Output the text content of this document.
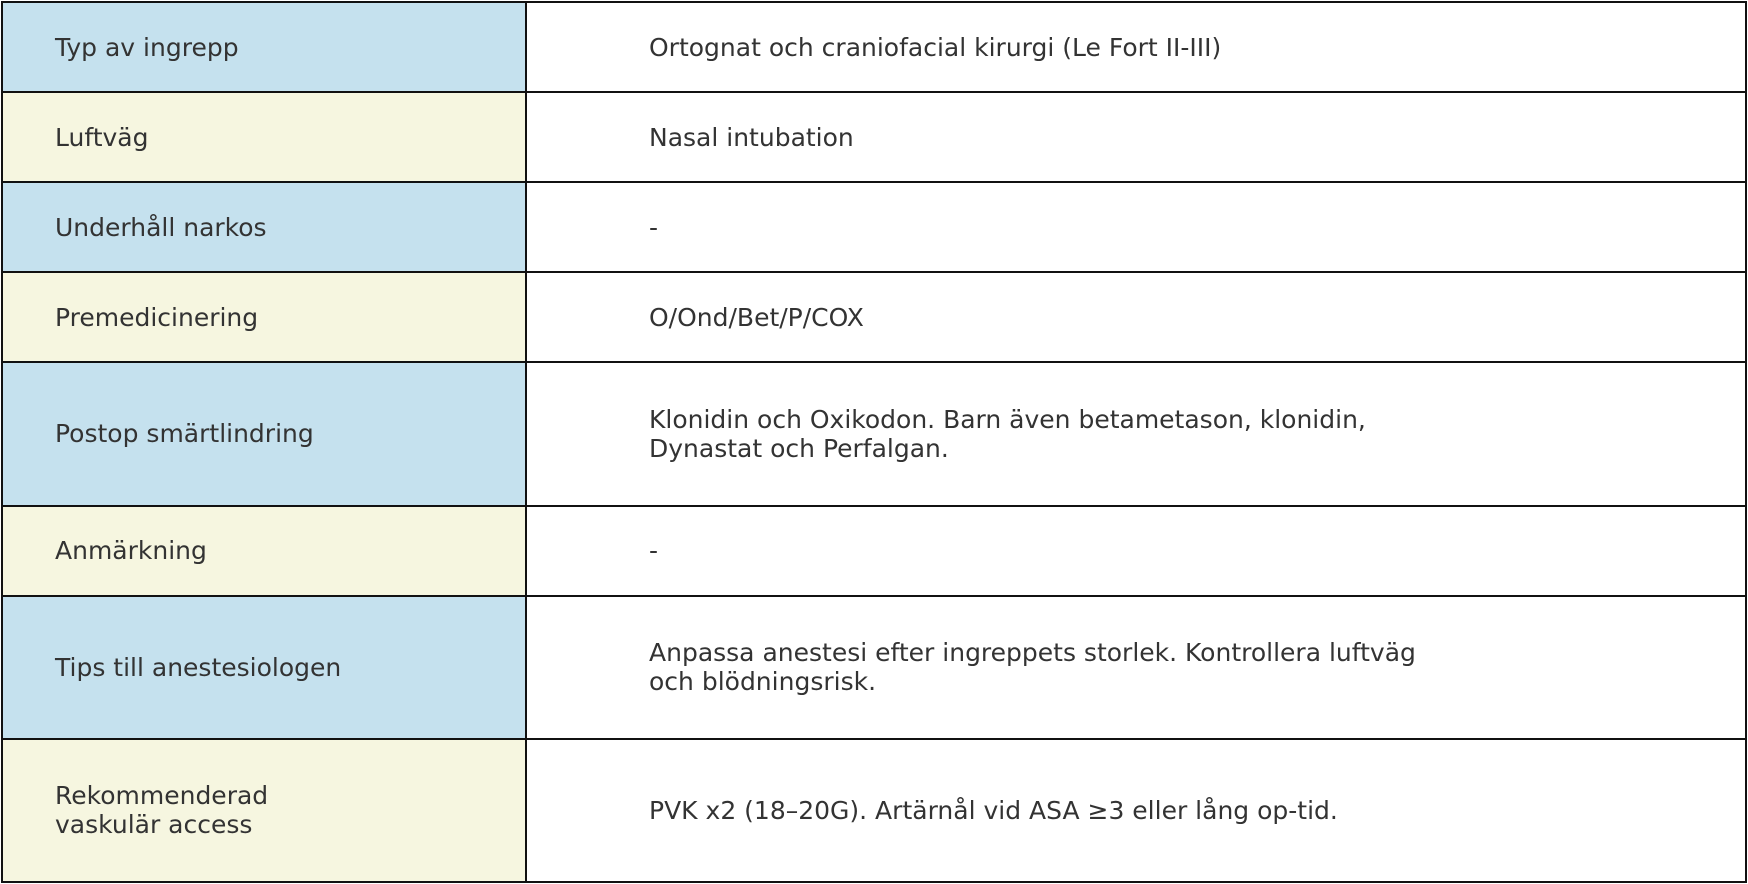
Typ av ingrepp	Ortognat och craniofacial kirurgi (Le Fort II-III)

Luftväg	Nasal intubation

Underhåll narkos	-

Premedicinering	O/Ond/Bet/P/COX

Postop smärtlindring	Klonidin och Oxikodon. Barn även betametason, klonidin, Dynastat och Perfalgan.

Anmärkning	-

Tips till anestesiologen	Anpassa anestesi efter ingreppets storlek. Kontrollera luftväg och blödningsrisk.

Rekommenderad vaskulär access	PVK x2 (18–20G). Artärnål vid ASA ≥3 eller lång op-tid.
